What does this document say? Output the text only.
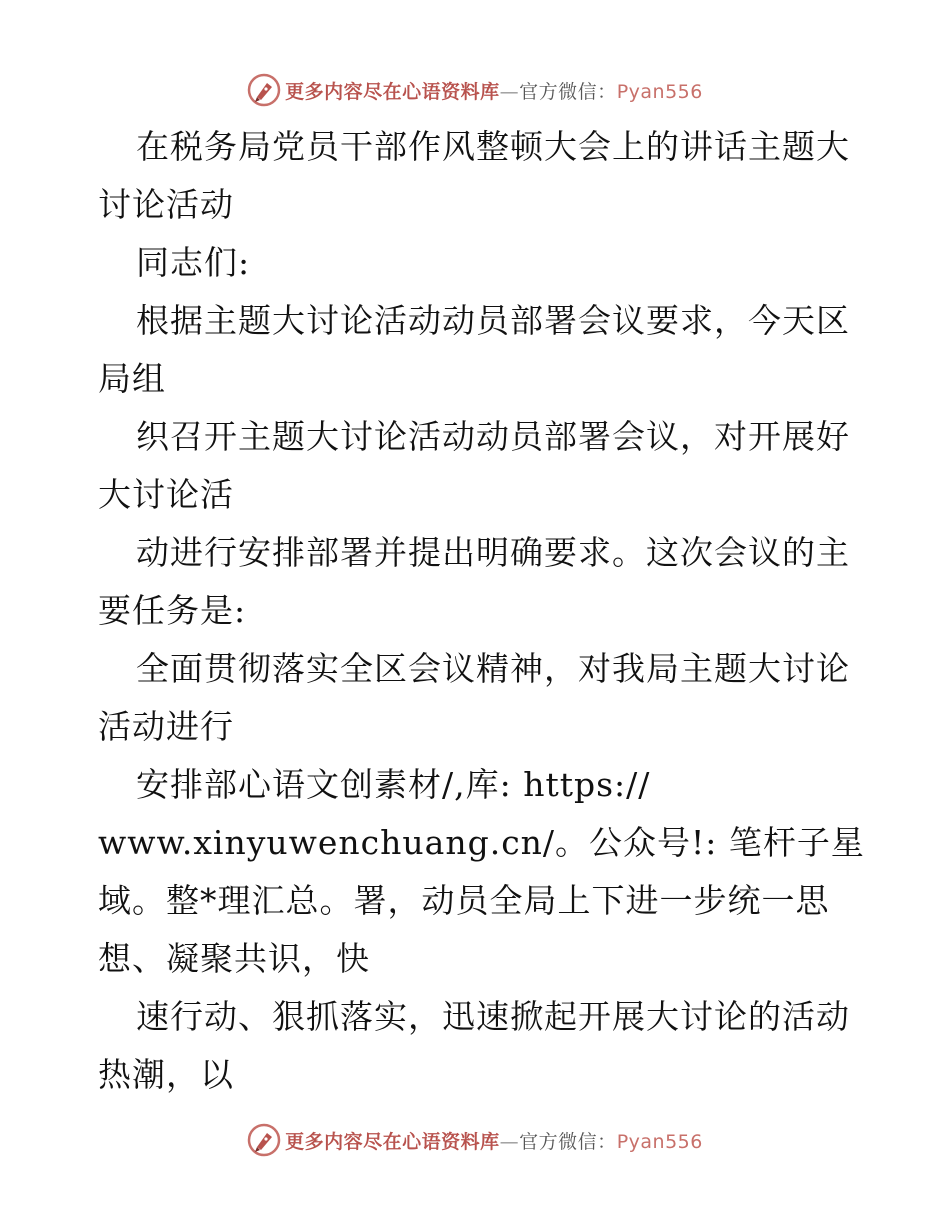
更多内容尽在心语资料库—官方微信：Pyan556
在税务局党员干部作风整顿大会上的讲话主题大
讨论活动
同志们:
根据主题大讨论活动动员部署会议要求，今天区
局组
织召开主题大讨论活动动员部署会议，对开展好
大讨论活
动进行安排部署并提出明确要求。这次会议的主
要任务是:
全面贯彻落实全区会议精神，对我局主题大讨论
活动进行
安排部心语文创素材/,库: https://
www.xinyuwenchuang.cn/。公众号!: 笔杆子星
域。整*理汇总。署，动员全局上下进一步统一思
想、凝聚共识，快
速行动、狠抓落实，迅速掀起开展大讨论的活动
热潮，以
更多内容尽在心语资料库—官方微信：Pyan556
